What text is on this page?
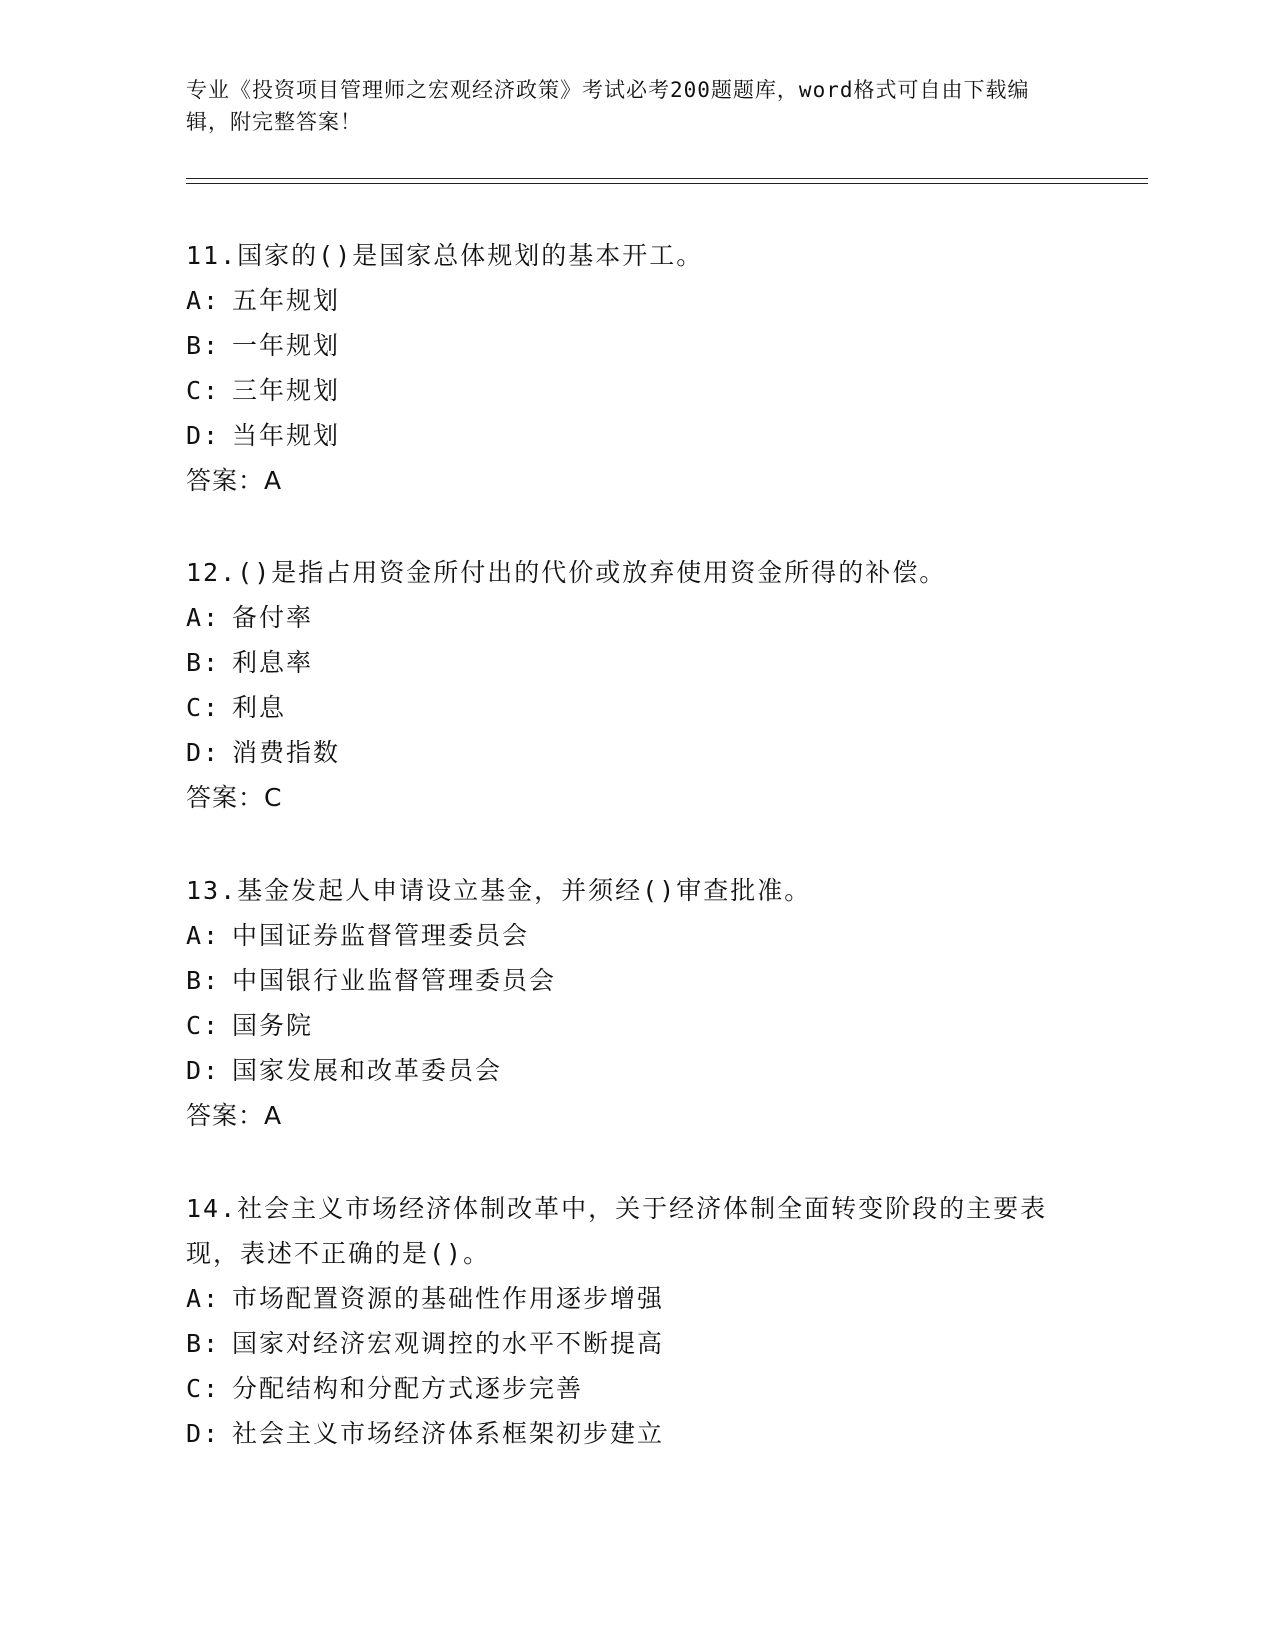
专业《投资项目管理师之宏观经济政策》考试必考200题题库，word格式可自由下载编辑，附完整答案！

11.国家的()是国家总体规划的基本开工。

A: 五年规划

B: 一年规划

C: 三年规划

D: 当年规划

答案：A

12.()是指占用资金所付出的代价或放弃使用资金所得的补偿。

A: 备付率

B: 利息率

C: 利息

D: 消费指数

答案：C

13.基金发起人申请设立基金，并须经()审查批准。

A: 中国证券监督管理委员会

B: 中国银行业监督管理委员会

C: 国务院

D: 国家发展和改革委员会

答案：A

14.社会主义市场经济体制改革中，关于经济体制全面转变阶段的主要表现，表述不正确的是()。

A: 市场配置资源的基础性作用逐步增强

B: 国家对经济宏观调控的水平不断提高

C: 分配结构和分配方式逐步完善

D: 社会主义市场经济体系框架初步建立
